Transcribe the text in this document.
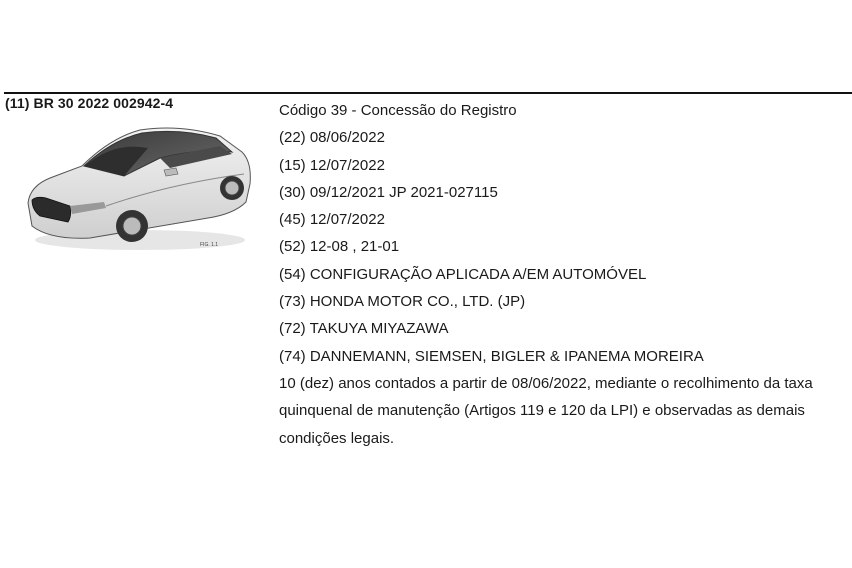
(11) BR 30 2022 002942-4
FIG. 1.1
Código 39 - Concessão do Registro
(22) 08/06/2022
(15) 12/07/2022
(30) 09/12/2021 JP 2021-027115
(45) 12/07/2022
(52) 12-08 , 21-01
(54) CONFIGURAÇÃO APLICADA A/EM AUTOMÓVEL
(73) HONDA MOTOR CO., LTD. (JP)
(72) TAKUYA MIYAZAWA
(74) DANNEMANN, SIEMSEN, BIGLER & IPANEMA MOREIRA
10 (dez) anos contados a partir de 08/06/2022, mediante o recolhimento da taxa
quinquenal de manutenção (Artigos 119 e 120 da LPI) e observadas as demais
condições legais.
